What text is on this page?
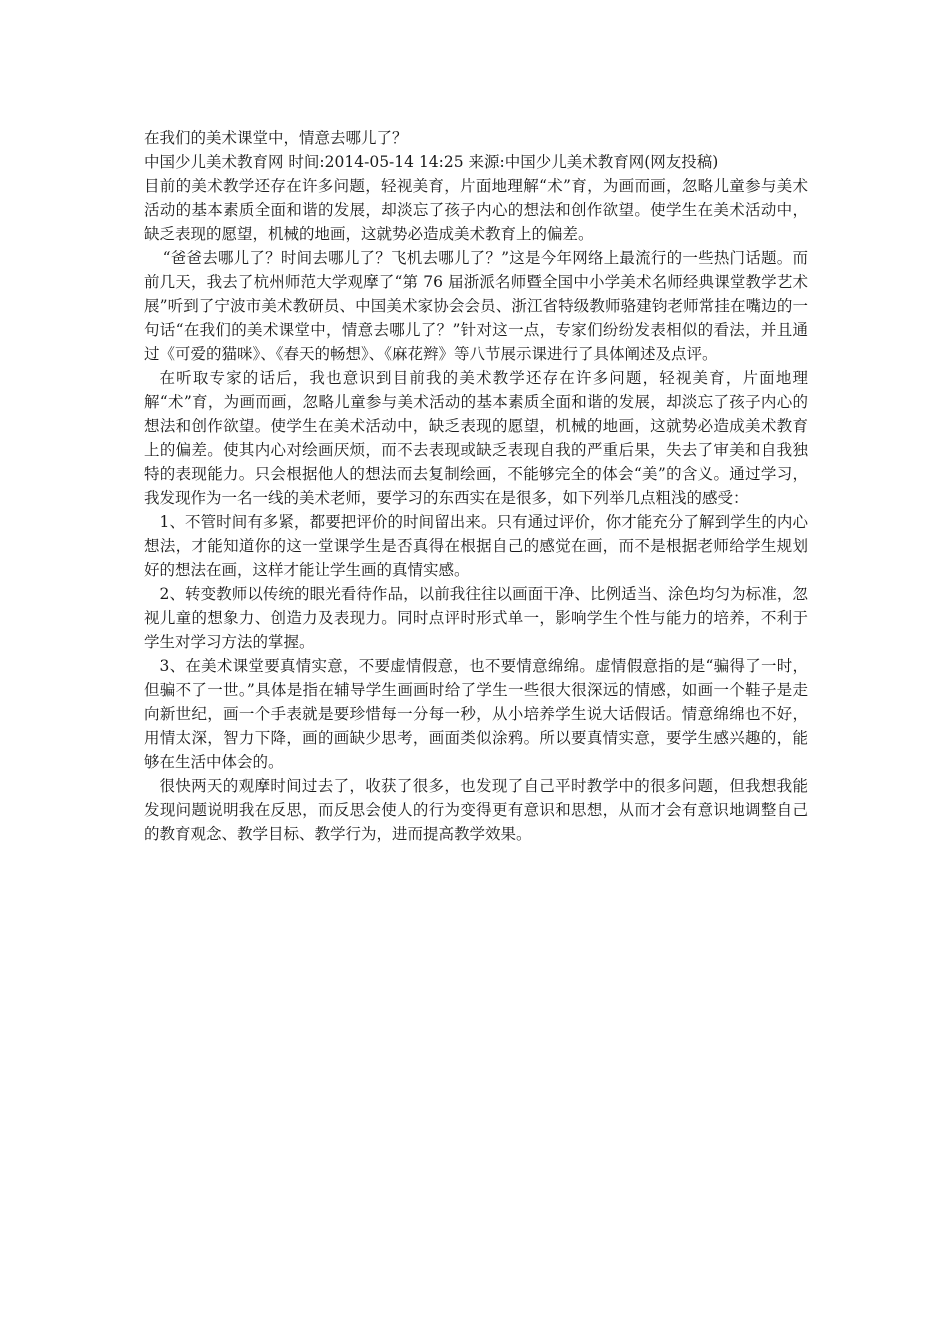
在我们的美术课堂中，情意去哪儿了？

中国少儿美术教育网 时间:2014-05-14 14:25 来源:中国少儿美术教育网(网友投稿)

目前的美术教学还存在许多问题，轻视美育，片面地理解“术”育，为画而画，忽略儿童参与美术活动的基本素质全面和谐的发展，却淡忘了孩子内心的想法和创作欲望。使学生在美术活动中，缺乏表现的愿望，机械的地画，这就势必造成美术教育上的偏差。

“爸爸去哪儿了？时间去哪儿了？飞机去哪儿了？”这是今年网络上最流行的一些热门话题。而前几天，我去了杭州师范大学观摩了“第 76 届浙派名师暨全国中小学美术名师经典课堂教学艺术展”听到了宁波市美术教研员、中国美术家协会会员、浙江省特级教师骆建钧老师常挂在嘴边的一句话“在我们的美术课堂中，情意去哪儿了？”针对这一点，专家们纷纷发表相似的看法，并且通过《可爱的猫咪》、《春天的畅想》、《麻花辫》等八节展示课进行了具体阐述及点评。

在听取专家的话后，我也意识到目前我的美术教学还存在许多问题，轻视美育，片面地理解“术”育，为画而画，忽略儿童参与美术活动的基本素质全面和谐的发展，却淡忘了孩子内心的想法和创作欲望。使学生在美术活动中，缺乏表现的愿望，机械的地画，这就势必造成美术教育上的偏差。使其内心对绘画厌烦，而不去表现或缺乏表现自我的严重后果，失去了审美和自我独特的表现能力。只会根据他人的想法而去复制绘画，不能够完全的体会“美”的含义。通过学习，我发现作为一名一线的美术老师，要学习的东西实在是很多，如下列举几点粗浅的感受：

1、不管时间有多紧，都要把评价的时间留出来。只有通过评价，你才能充分了解到学生的内心想法，才能知道你的这一堂课学生是否真得在根据自己的感觉在画，而不是根据老师给学生规划好的想法在画，这样才能让学生画的真情实感。

2、转变教师以传统的眼光看待作品，以前我往往以画面干净、比例适当、涂色均匀为标准，忽视儿童的想象力、创造力及表现力。同时点评时形式单一，影响学生个性与能力的培养，不利于学生对学习方法的掌握。

3、在美术课堂要真情实意，不要虚情假意，也不要情意绵绵。虚情假意指的是“骗得了一时，但骗不了一世。”具体是指在辅导学生画画时给了学生一些很大很深远的情感，如画一个鞋子是走向新世纪，画一个手表就是要珍惜每一分每一秒，从小培养学生说大话假话。情意绵绵也不好，用情太深，智力下降，画的画缺少思考，画面类似涂鸦。所以要真情实意，要学生感兴趣的，能够在生活中体会的。

很快两天的观摩时间过去了，收获了很多，也发现了自己平时教学中的很多问题，但我想我能发现问题说明我在反思，而反思会使人的行为变得更有意识和思想，从而才会有意识地调整自己的教育观念、教学目标、教学行为，进而提高教学效果。
